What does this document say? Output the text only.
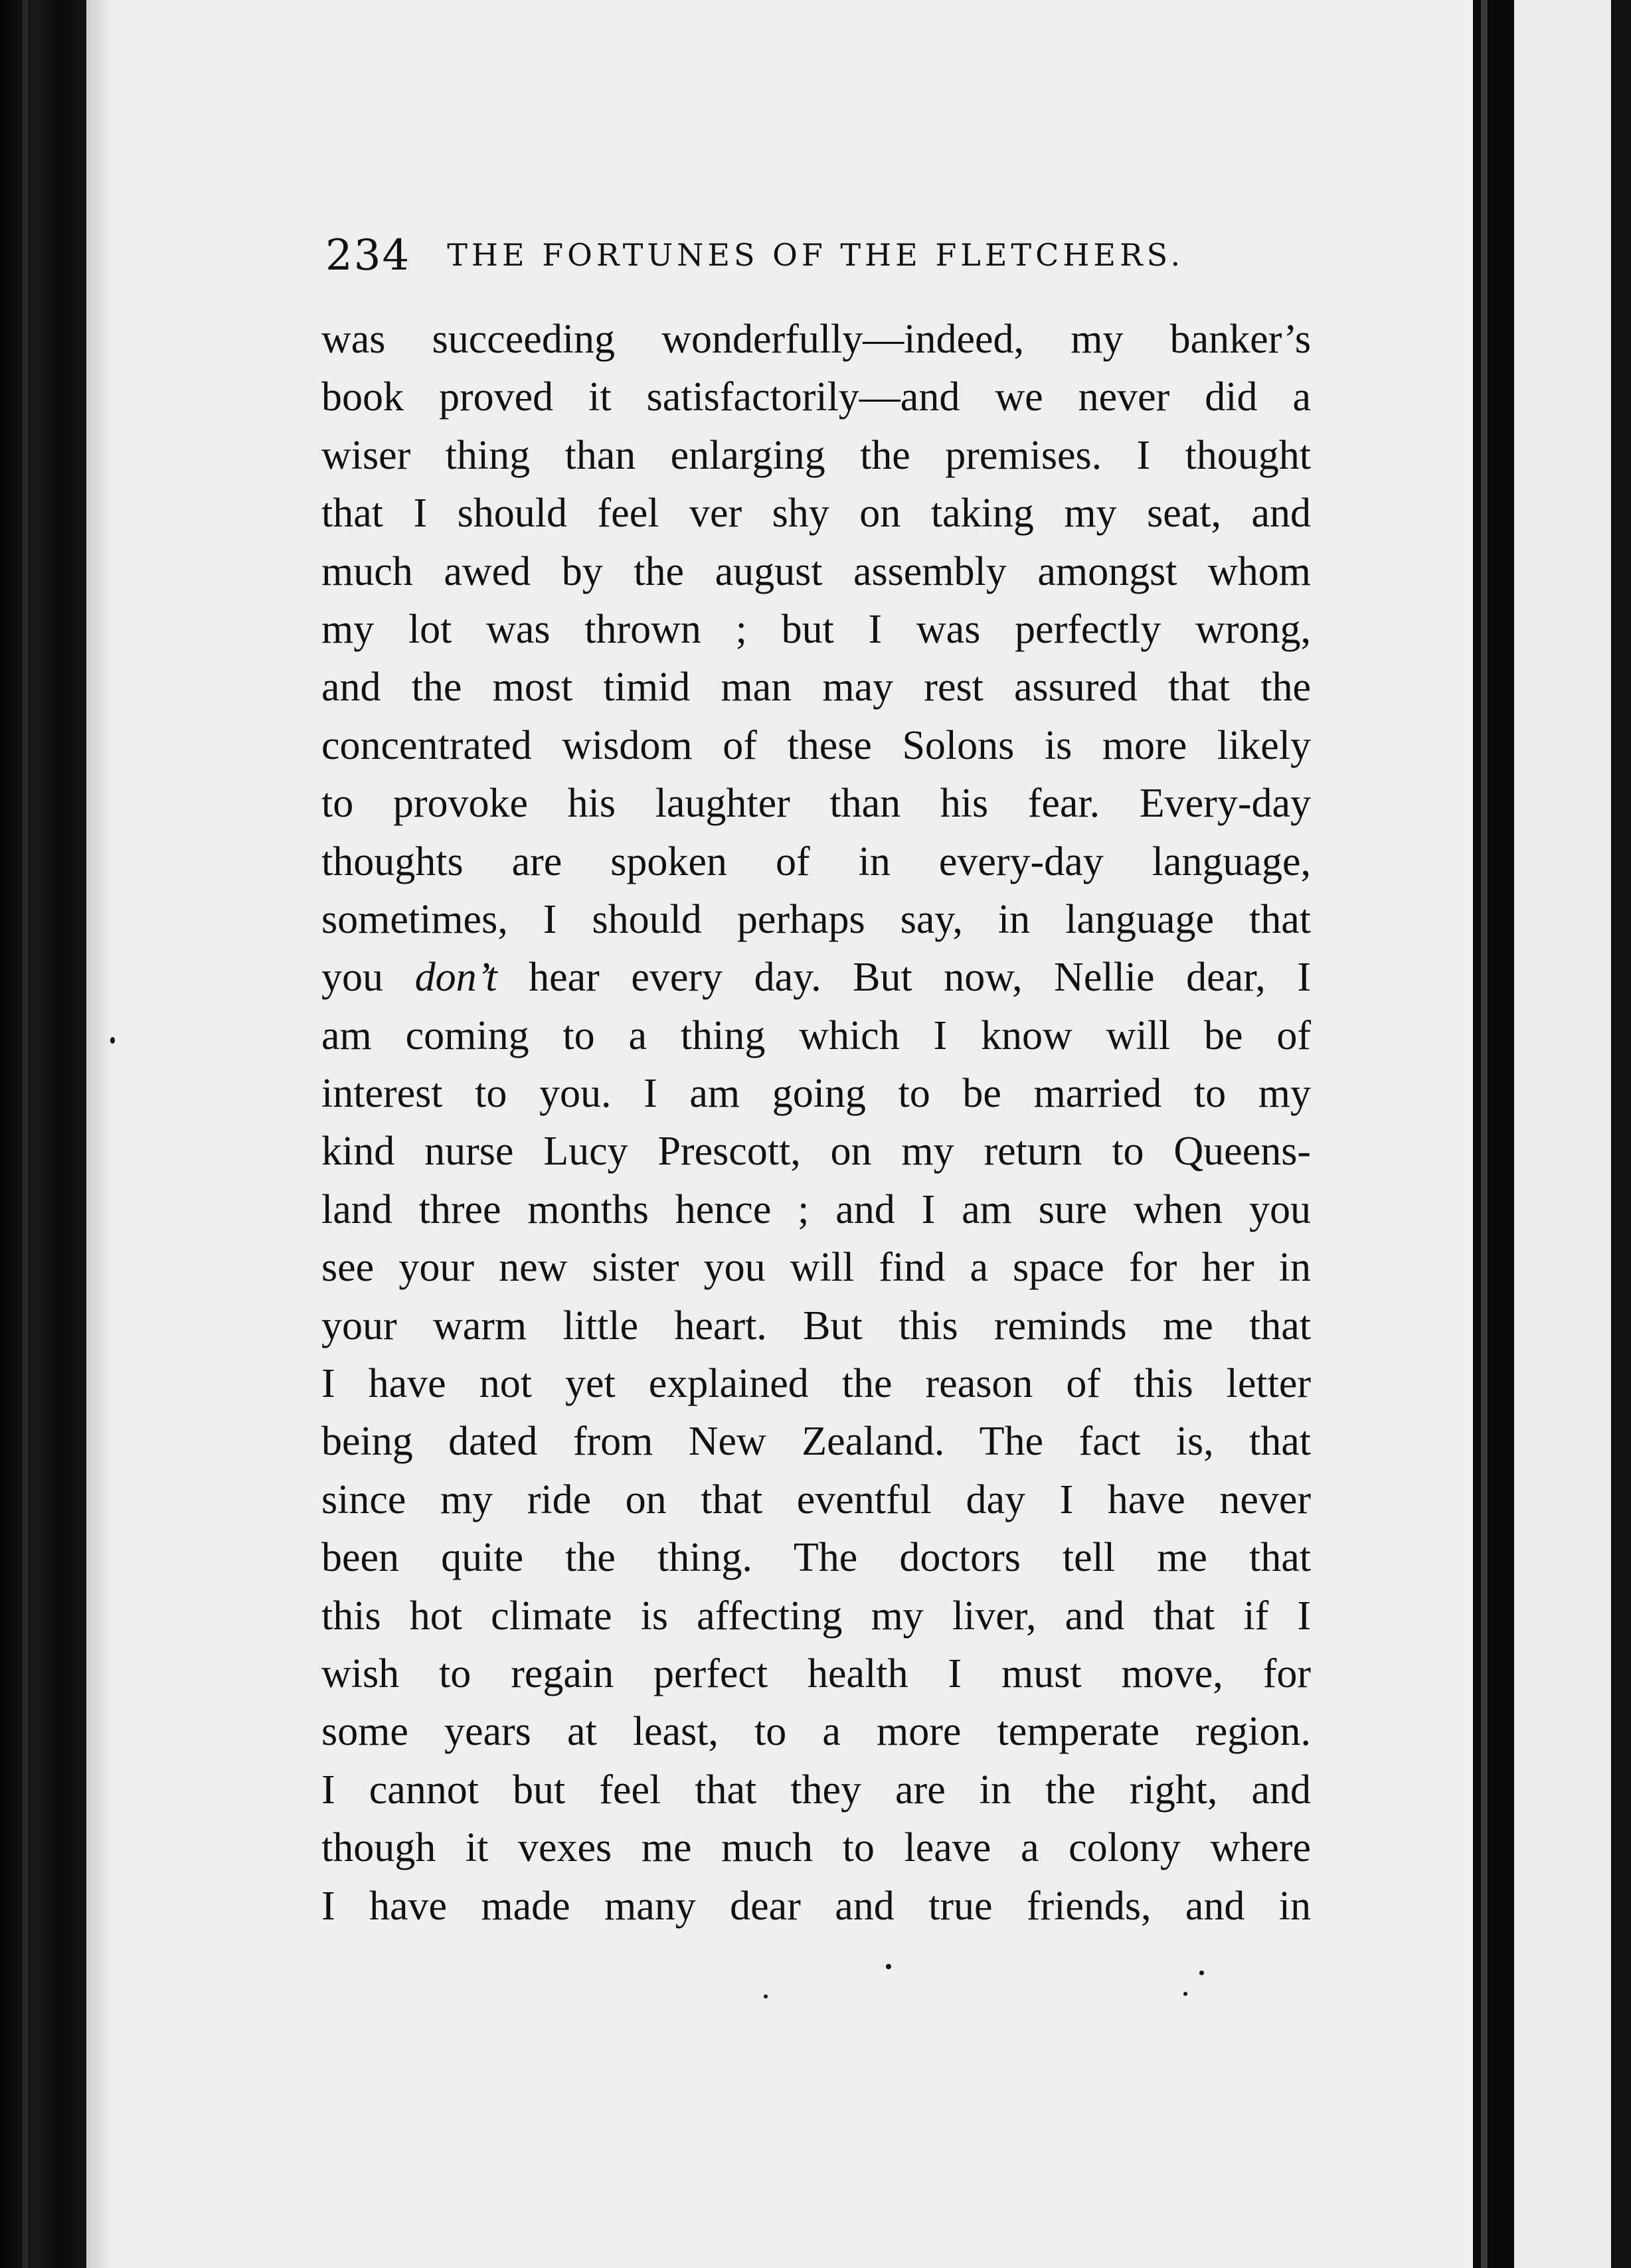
234 THE FORTUNES OF THE FLETCHERS.
was succeeding wonderfully—indeed, my banker’s
book proved it satisfactorily—and we never did a
wiser thing than enlarging the premises. I thought
that I should feel ver shy on taking my seat, and
much awed by the august assembly amongst whom
my lot was thrown ; but I was perfectly wrong,
and the most timid man may rest assured that the
concentrated wisdom of these Solons is more likely
to provoke his laughter than his fear. Every-day
thoughts are spoken of in every-day language,
sometimes, I should perhaps say, in language that
you don’t hear every day. But now, Nellie dear, I
am coming to a thing which I know will be of
interest to you. I am going to be married to my
kind nurse Lucy Prescott, on my return to Queens-
land three months hence ; and I am sure when you
see your new sister you will find a space for her in
your warm little heart. But this reminds me that
I have not yet explained the reason of this letter
being dated from New Zealand. The fact is, that
since my ride on that eventful day I have never
been quite the thing. The doctors tell me that
this hot climate is affecting my liver, and that if I
wish to regain perfect health I must move, for
some years at least, to a more temperate region.
I cannot but feel that they are in the right, and
though it vexes me much to leave a colony where
I have made many dear and true friends, and in
